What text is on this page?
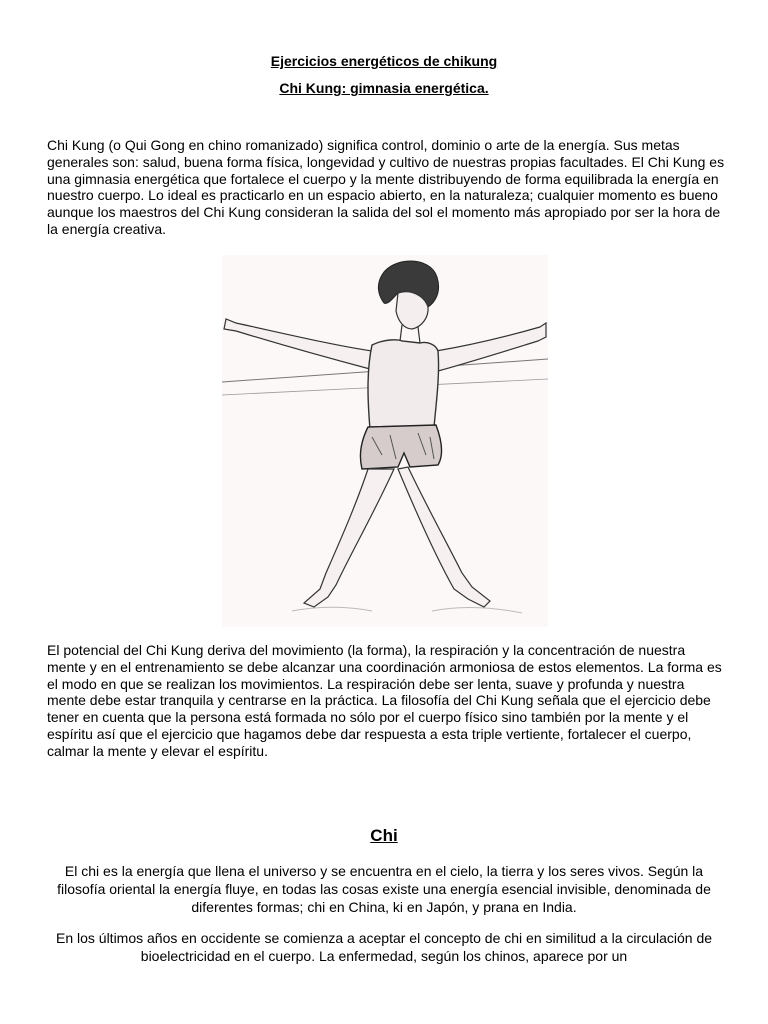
Ejercicios energéticos de chikung
Chi Kung: gimnasia energética.

Chi Kung (o Qui Gong en chino romanizado) significa control, dominio o arte de la energía. Sus metas generales son: salud, buena forma física, longevidad y cultivo de nuestras propias facultades. El Chi Kung es una gimnasia energética que fortalece el cuerpo y la mente distribuyendo de forma equilibrada la energía en nuestro cuerpo. Lo ideal es practicarlo en un espacio abierto, en la naturaleza; cualquier momento es bueno aunque los maestros del Chi Kung consideran la salida del sol el momento más apropiado por ser la hora de la energía creativa.

El potencial del Chi Kung deriva del movimiento (la forma), la respiración y la concentración de nuestra mente y en el entrenamiento se debe alcanzar una coordinación armoniosa de estos elementos. La forma es el modo en que se realizan los movimientos. La respiración debe ser lenta, suave y profunda y nuestra mente debe estar tranquila y centrarse en la práctica. La filosofía del Chi Kung señala que el ejercicio debe tener en cuenta que la persona está formada no sólo por el cuerpo físico sino también por la mente y el espíritu así que el ejercicio que hagamos debe dar respuesta a esta triple vertiente, fortalecer el cuerpo, calmar la mente y elevar el espíritu.

Chi

El chi es la energía que llena el universo y se encuentra en el cielo, la tierra y los seres vivos. Según la filosofía oriental la energía fluye, en todas las cosas existe una energía esencial invisible, denominada de diferentes formas; chi en China, ki en Japón, y prana en India.

En los últimos años en occidente se comienza a aceptar el concepto de chi en similitud a la circulación de bioelectricidad en el cuerpo. La enfermedad, según los chinos, aparece por un
